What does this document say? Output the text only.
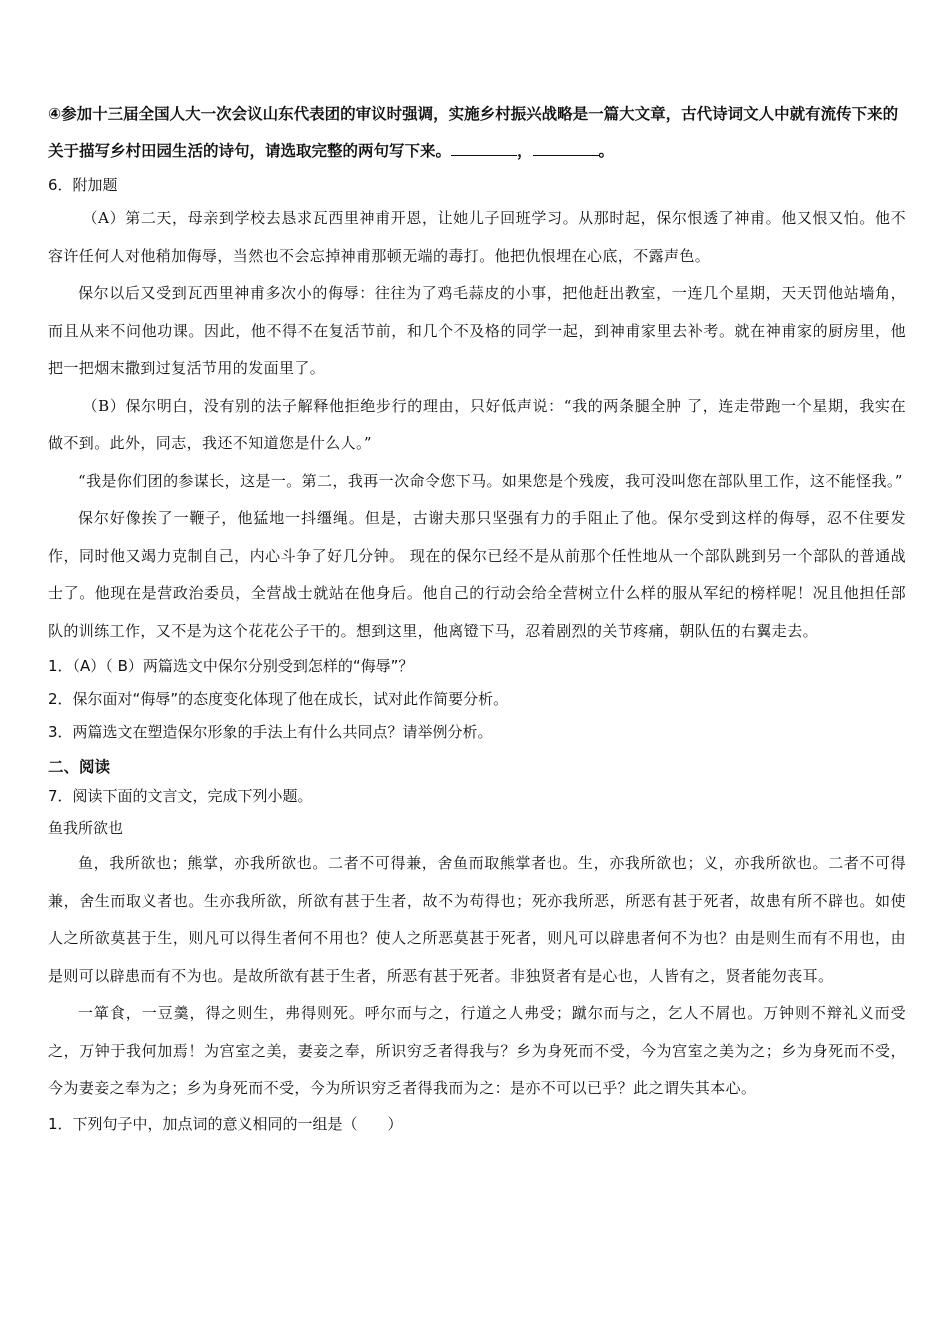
④参加十三届全国人大一次会议山东代表团的审议时强调，实施乡村振兴战略是一篇大文章，古代诗词文人中就有流传下来的关于描写乡村田园生活的诗句，请选取完整的两句写下来。	，	。

6．附加题

（A）第二天，母亲到学校去恳求瓦西里神甫开恩，让她儿子回班学习。从那时起，保尔恨透了神甫。他又恨又怕。他不容许任何人对他稍加侮辱，当然也不会忘掉神甫那顿无端的毒打。他把仇恨埋在心底，不露声色。

保尔以后又受到瓦西里神甫多次小的侮辱：往往为了鸡毛蒜皮的小事，把他赶出教室，一连几个星期，天天罚他站墙角，而且从来不问他功课。因此，他不得不在复活节前，和几个不及格的同学一起，到神甫家里去补考。就在神甫家的厨房里，他把一把烟末撒到过复活节用的发面里了。

（B）保尔明白，没有别的法子解释他拒绝步行的理由，只好低声说：“我的两条腿全肿 了，连走带跑一个星期，我实在做不到。此外，同志，我还不知道您是什么人。”

“我是你们团的参谋长，这是一。第二，我再一次命令您下马。如果您是个残废，我可没叫您在部队里工作，这不能怪我。”

保尔好像挨了一鞭子，他猛地一抖缰绳。但是，古谢夫那只坚强有力的手阻止了他。保尔受到这样的侮辱，忍不住要发作，同时他又竭力克制自己，内心斗争了好几分钟。 现在的保尔已经不是从前那个任性地从一个部队跳到另一个部队的普通战士了。他现在是营政治委员，全营战士就站在他身后。他自己的行动会给全营树立什么样的服从军纪的榜样呢！况且他担任部队的训练工作，又不是为这个花花公子干的。想到这里，他离镫下马，忍着剧烈的关节疼痛，朝队伍的右翼走去。

1．（A）（ B）两篇选文中保尔分别受到怎样的“侮辱”？

2．保尔面对“侮辱”的态度变化体现了他在成长，试对此作简要分析。

3．两篇选文在塑造保尔形象的手法上有什么共同点？请举例分析。

二、阅读

7．阅读下面的文言文，完成下列小题。

鱼我所欲也

鱼，我所欲也；熊掌，亦我所欲也。二者不可得兼，舍鱼而取熊掌者也。生，亦我所欲也；义，亦我所欲也。二者不可得兼，舍生而取义者也。生亦我所欲，所欲有甚于生者，故不为苟得也；死亦我所恶，所恶有甚于死者，故患有所不辟也。如使人之所欲莫甚于生，则凡可以得生者何不用也？使人之所恶莫甚于死者，则凡可以辟患者何不为也？由是则生而有不用也，由是则可以辟患而有不为也。是故所欲有甚于生者，所恶有甚于死者。非独贤者有是心也，人皆有之，贤者能勿丧耳。

一箪食，一豆羹，得之则生，弗得则死。呼尔而与之，行道之人弗受；蹴尔而与之，乞人不屑也。万钟则不辩礼义而受之，万钟于我何加焉！为宫室之美，妻妾之奉，所识穷乏者得我与？乡为身死而不受，今为宫室之美为之；乡为身死而不受，今为妻妾之奉为之；乡为身死而不受，今为所识穷乏者得我而为之：是亦不可以已乎？此之谓失其本心。

1．下列句子中，加点词的意义相同的一组是（　　）
